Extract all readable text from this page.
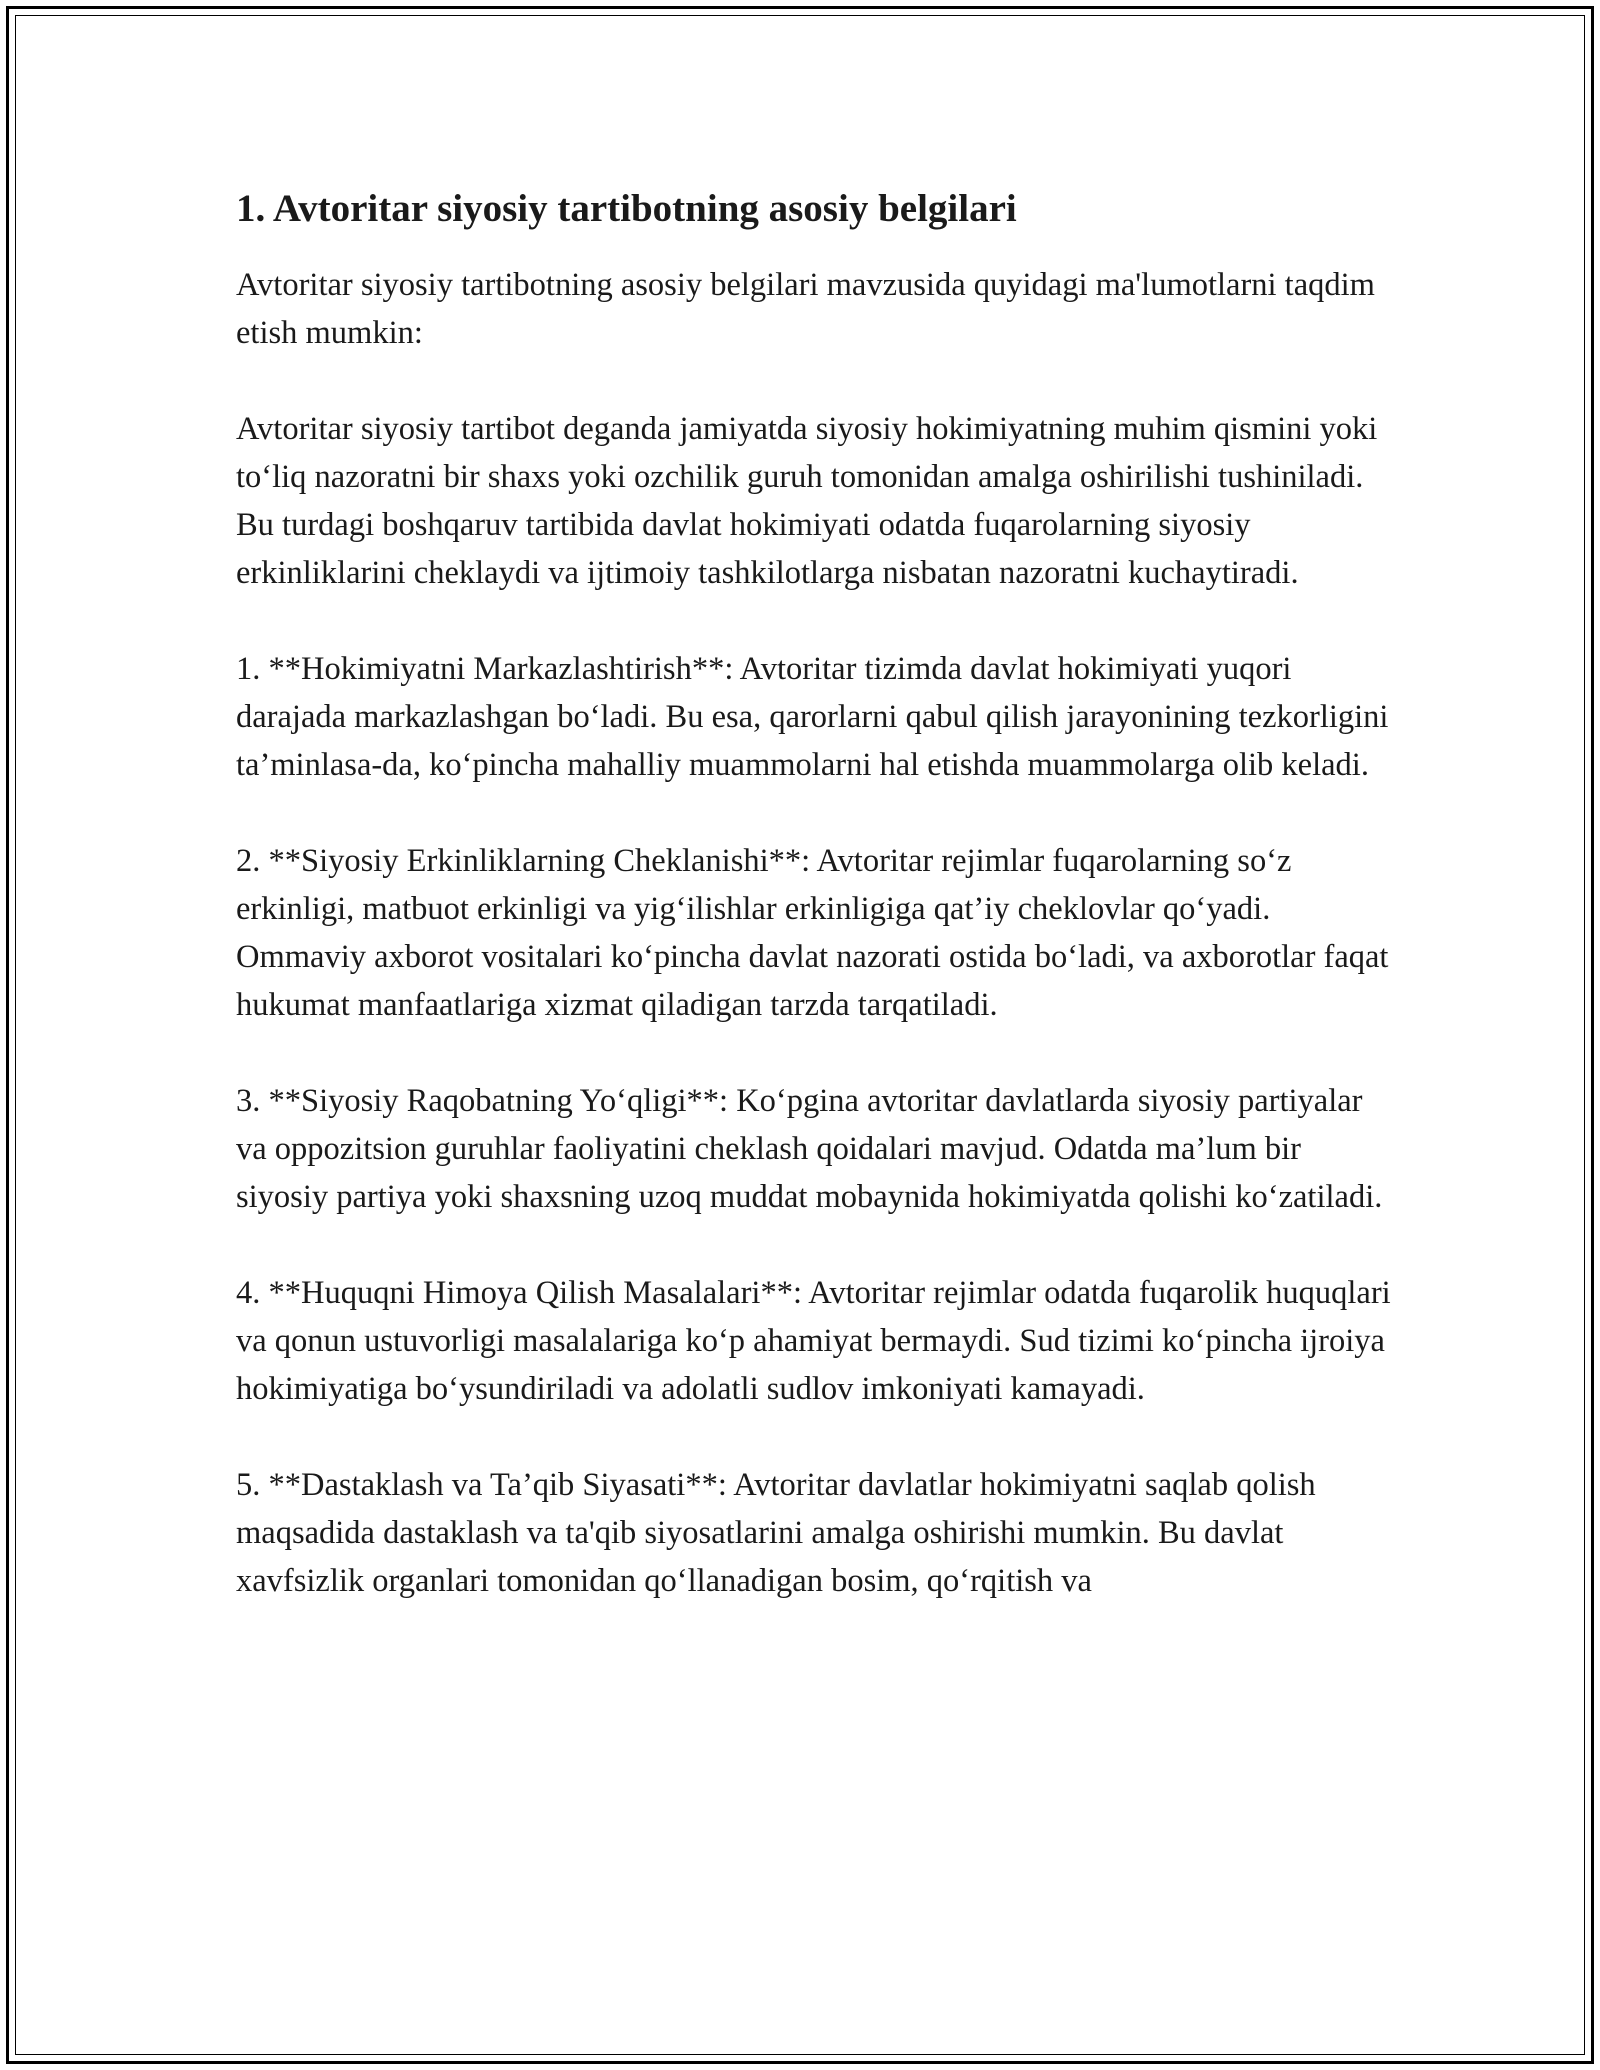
1. Avtoritar siyosiy tartibotning asosiy belgilari

Avtoritar siyosiy tartibotning asosiy belgilari mavzusida quyidagi ma'lumotlarni taqdim etish mumkin:

Avtoritar siyosiy tartibot deganda jamiyatda siyosiy hokimiyatning muhim qismini yoki to‘liq nazoratni bir shaxs yoki ozchilik guruh tomonidan amalga oshirilishi tushiniladi. Bu turdagi boshqaruv tartibida davlat hokimiyati odatda fuqarolarning siyosiy erkinliklarini cheklaydi va ijtimoiy tashkilotlarga nisbatan nazoratni kuchaytiradi.

1. **Hokimiyatni Markazlashtirish**: Avtoritar tizimda davlat hokimiyati yuqori darajada markazlashgan bo‘ladi. Bu esa, qarorlarni qabul qilish jarayonining tezkorligini ta’minlasa-da, ko‘pincha mahalliy muammolarni hal etishda muammolarga olib keladi.

2. **Siyosiy Erkinliklarning Cheklanishi**: Avtoritar rejimlar fuqarolarning so‘z erkinligi, matbuot erkinligi va yig‘ilishlar erkinligiga qat’iy cheklovlar qo‘yadi. Ommaviy axborot vositalari ko‘pincha davlat nazorati ostida bo‘ladi, va axborotlar faqat hukumat manfaatlariga xizmat qiladigan tarzda tarqatiladi.

3. **Siyosiy Raqobatning Yo‘qligi**: Ko‘pgina avtoritar davlatlarda siyosiy partiyalar va oppozitsion guruhlar faoliyatini cheklash qoidalari mavjud. Odatda ma’lum bir siyosiy partiya yoki shaxsning uzoq muddat mobaynida hokimiyatda qolishi ko‘zatiladi.

4. **Huquqni Himoya Qilish Masalalari**: Avtoritar rejimlar odatda fuqarolik huquqlari va qonun ustuvorligi masalalariga ko‘p ahamiyat bermaydi. Sud tizimi ko‘pincha ijroiya hokimiyatiga bo‘ysundiriladi va adolatli sudlov imkoniyati kamayadi.

5. **Dastaklash va Ta’qib Siyasati**: Avtoritar davlatlar hokimiyatni saqlab qolish maqsadida dastaklash va ta'qib siyosatlarini amalga oshirishi mumkin. Bu davlat xavfsizlik organlari tomonidan qo‘llanadigan bosim, qo‘rqitish va
